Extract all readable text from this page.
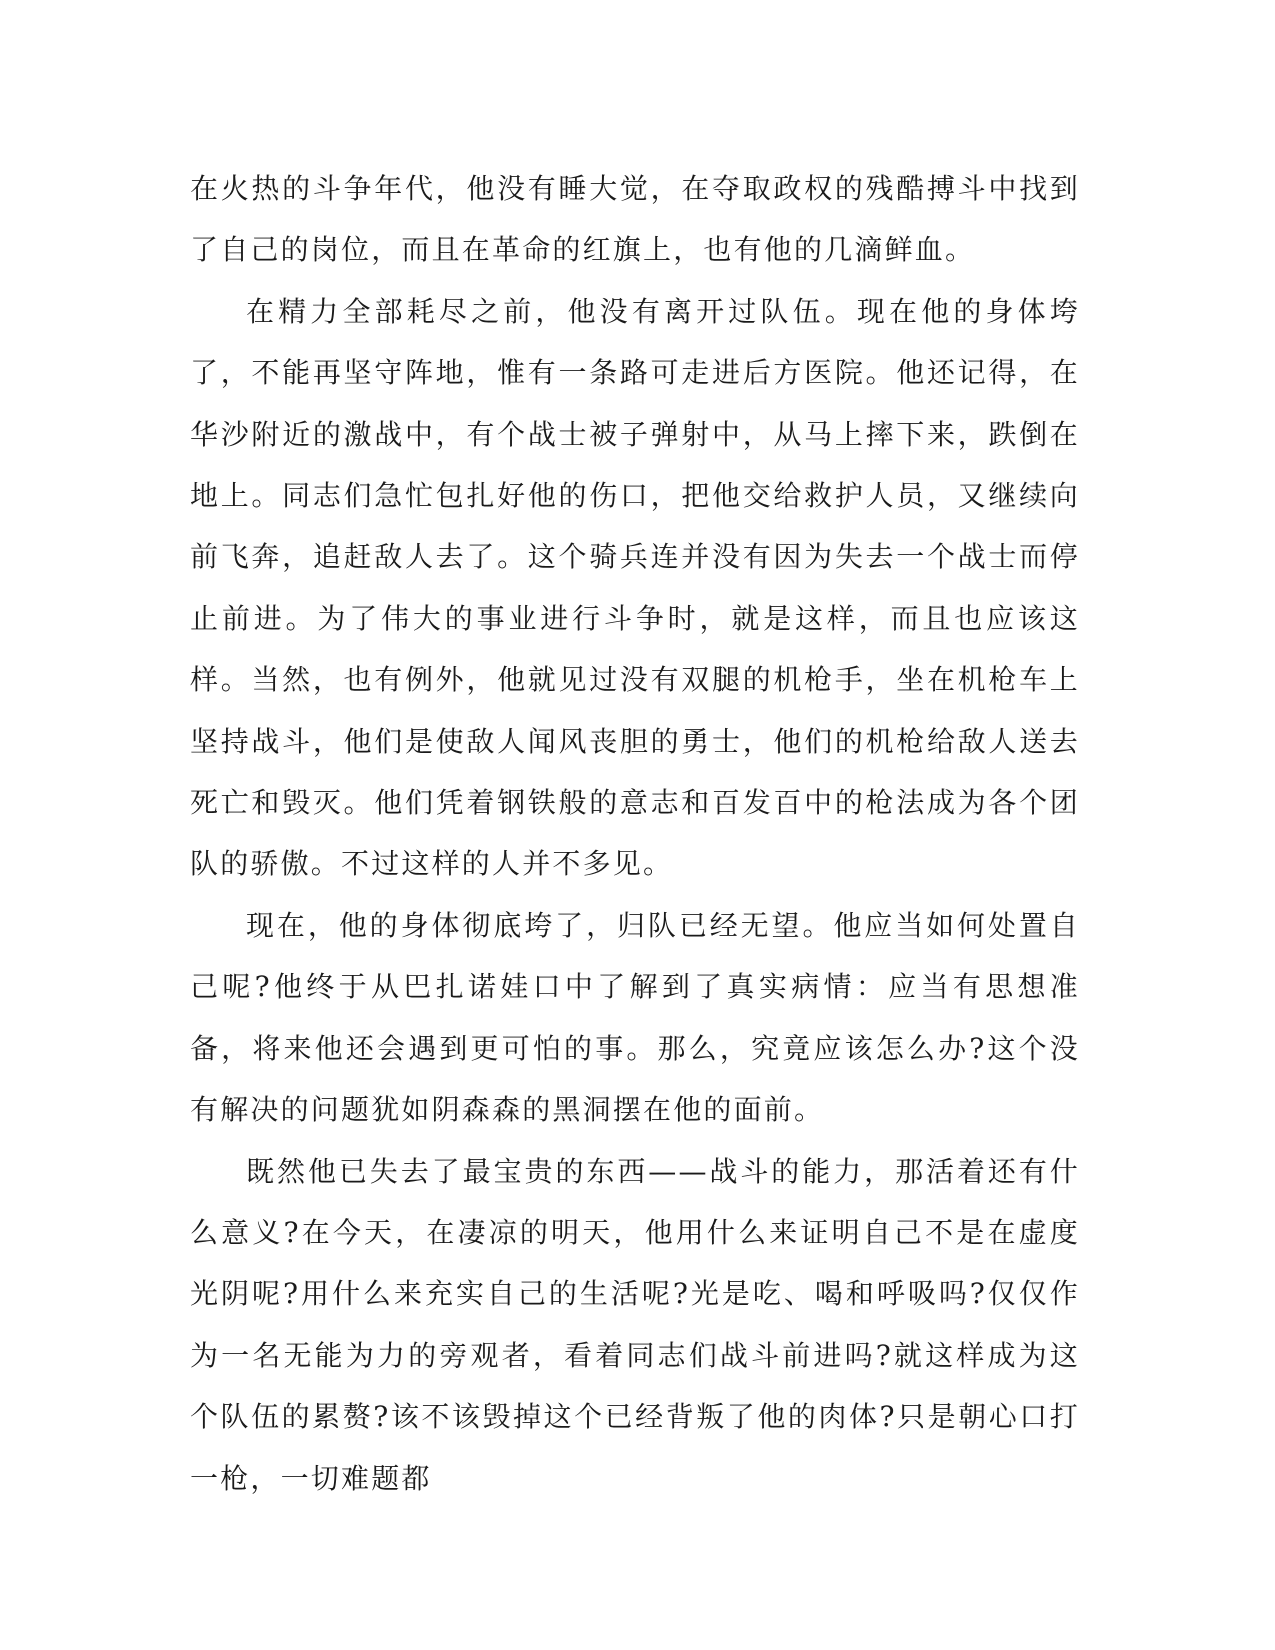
在火热的斗争年代，他没有睡大觉，在夺取政权的残酷搏斗中找到了自己的岗位，而且在革命的红旗上，也有他的几滴鲜血。

在精力全部耗尽之前，他没有离开过队伍。现在他的身体垮了，不能再坚守阵地，惟有一条路可走进后方医院。他还记得，在华沙附近的激战中，有个战士被子弹射中，从马上摔下来，跌倒在地上。同志们急忙包扎好他的伤口，把他交给救护人员，又继续向前飞奔，追赶敌人去了。这个骑兵连并没有因为失去一个战士而停止前进。为了伟大的事业进行斗争时，就是这样，而且也应该这样。当然，也有例外，他就见过没有双腿的机枪手，坐在机枪车上坚持战斗，他们是使敌人闻风丧胆的勇士，他们的机枪给敌人送去死亡和毁灭。他们凭着钢铁般的意志和百发百中的枪法成为各个团队的骄傲。不过这样的人并不多见。

现在，他的身体彻底垮了，归队已经无望。他应当如何处置自己呢?他终于从巴扎诺娃口中了解到了真实病情：应当有思想准备，将来他还会遇到更可怕的事。那么，究竟应该怎么办?这个没有解决的问题犹如阴森森的黑洞摆在他的面前。

既然他已失去了最宝贵的东西——战斗的能力，那活着还有什么意义?在今天，在凄凉的明天，他用什么来证明自己不是在虚度光阴呢?用什么来充实自己的生活呢?光是吃、喝和呼吸吗?仅仅作为一名无能为力的旁观者，看着同志们战斗前进吗?就这样成为这个队伍的累赘?该不该毁掉这个已经背叛了他的肉体?只是朝心口打一枪，一切难题都
